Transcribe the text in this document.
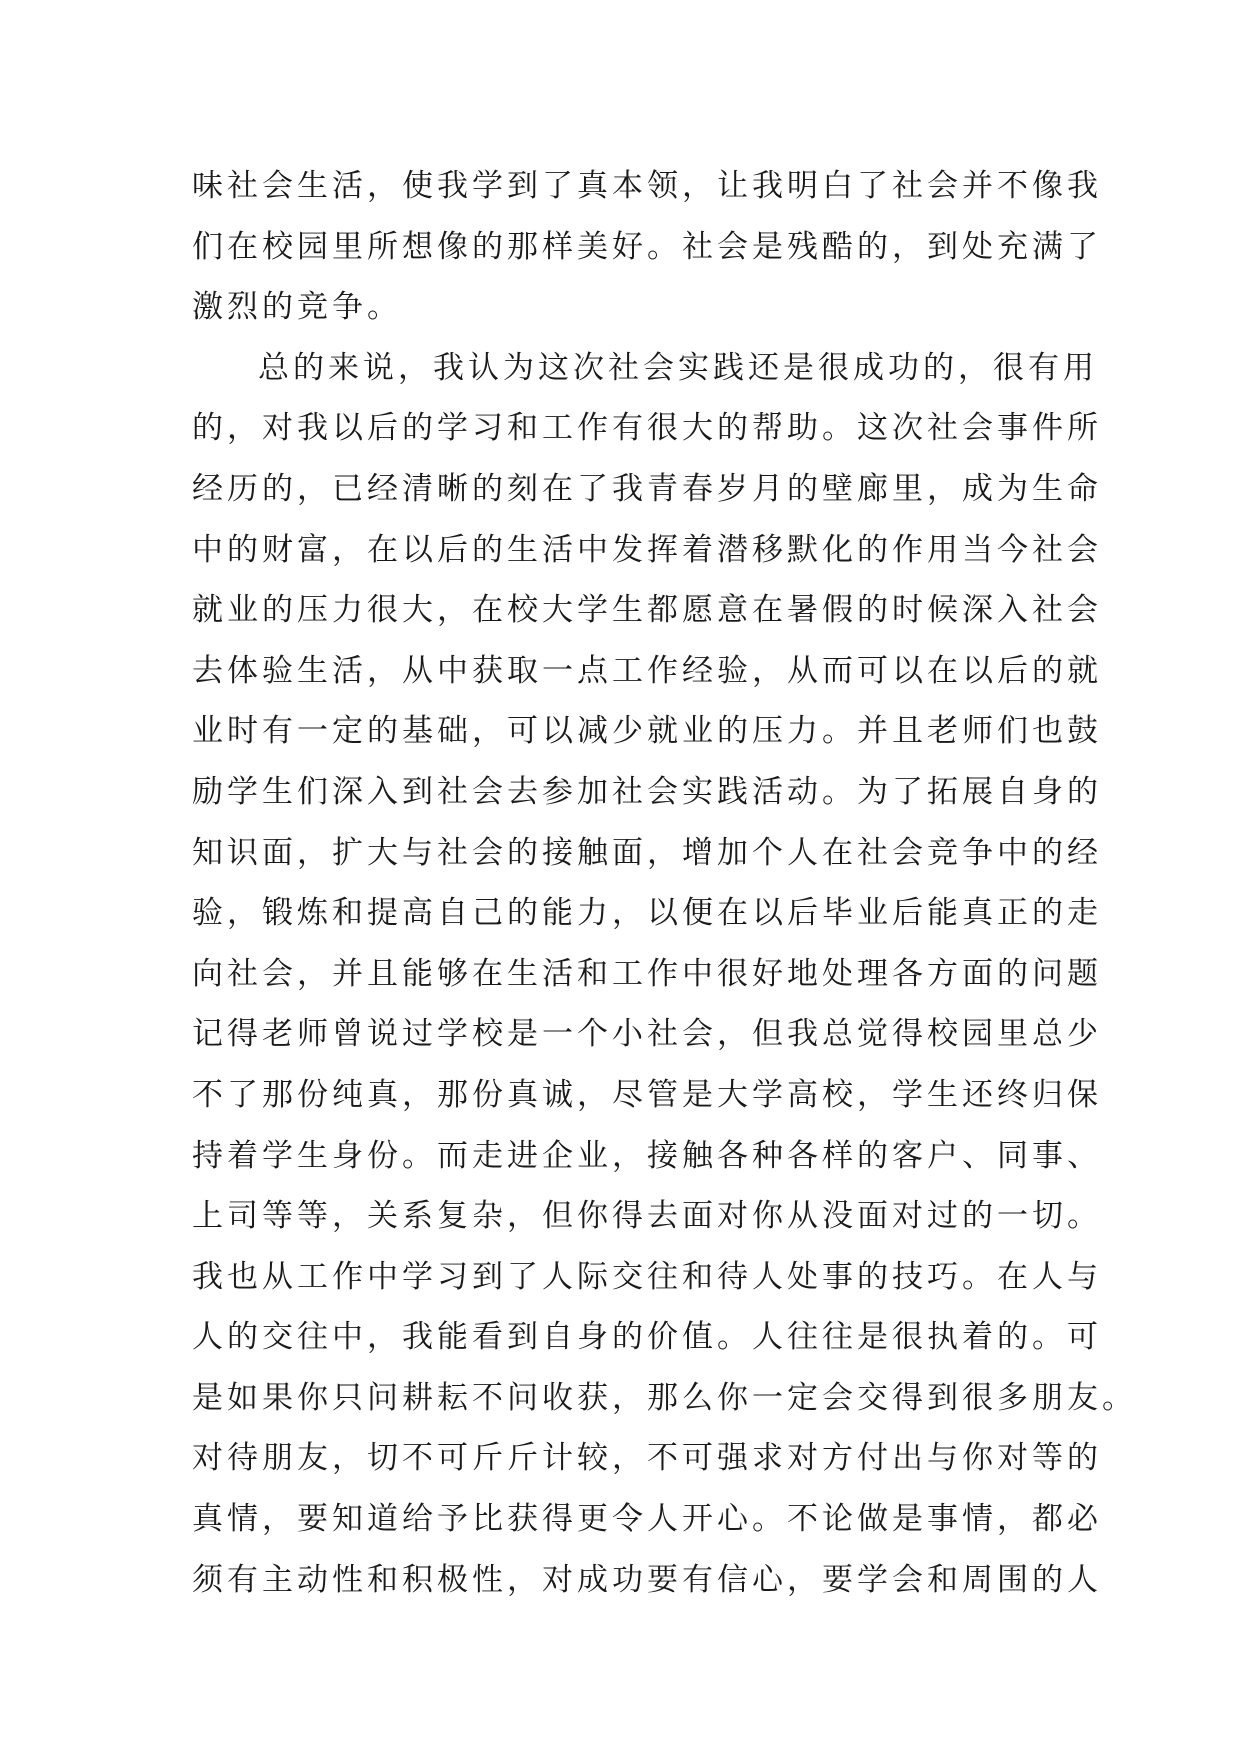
味社会生活，使我学到了真本领，让我明白了社会并不像我
们在校园里所想像的那样美好。社会是残酷的，到处充满了
激烈的竞争。
总的来说，我认为这次社会实践还是很成功的，很有用
的，对我以后的学习和工作有很大的帮助。这次社会事件所
经历的，已经清晰的刻在了我青春岁月的壁廊里，成为生命
中的财富，在以后的生活中发挥着潜移默化的作用当今社会
就业的压力很大，在校大学生都愿意在暑假的时候深入社会
去体验生活，从中获取一点工作经验，从而可以在以后的就
业时有一定的基础，可以减少就业的压力。并且老师们也鼓
励学生们深入到社会去参加社会实践活动。为了拓展自身的
知识面，扩大与社会的接触面，增加个人在社会竞争中的经
验，锻炼和提高自己的能力，以便在以后毕业后能真正的走
向社会，并且能够在生活和工作中很好地处理各方面的问题
记得老师曾说过学校是一个小社会，但我总觉得校园里总少
不了那份纯真，那份真诚，尽管是大学高校，学生还终归保
持着学生身份。而走进企业，接触各种各样的客户、同事、
上司等等，关系复杂，但你得去面对你从没面对过的一切。
我也从工作中学习到了人际交往和待人处事的技巧。在人与
人的交往中，我能看到自身的价值。人往往是很执着的。可
是如果你只问耕耘不问收获，那么你一定会交得到很多朋友。
对待朋友，切不可斤斤计较，不可强求对方付出与你对等的
真情，要知道给予比获得更令人开心。不论做是事情，都必
须有主动性和积极性，对成功要有信心，要学会和周围的人
